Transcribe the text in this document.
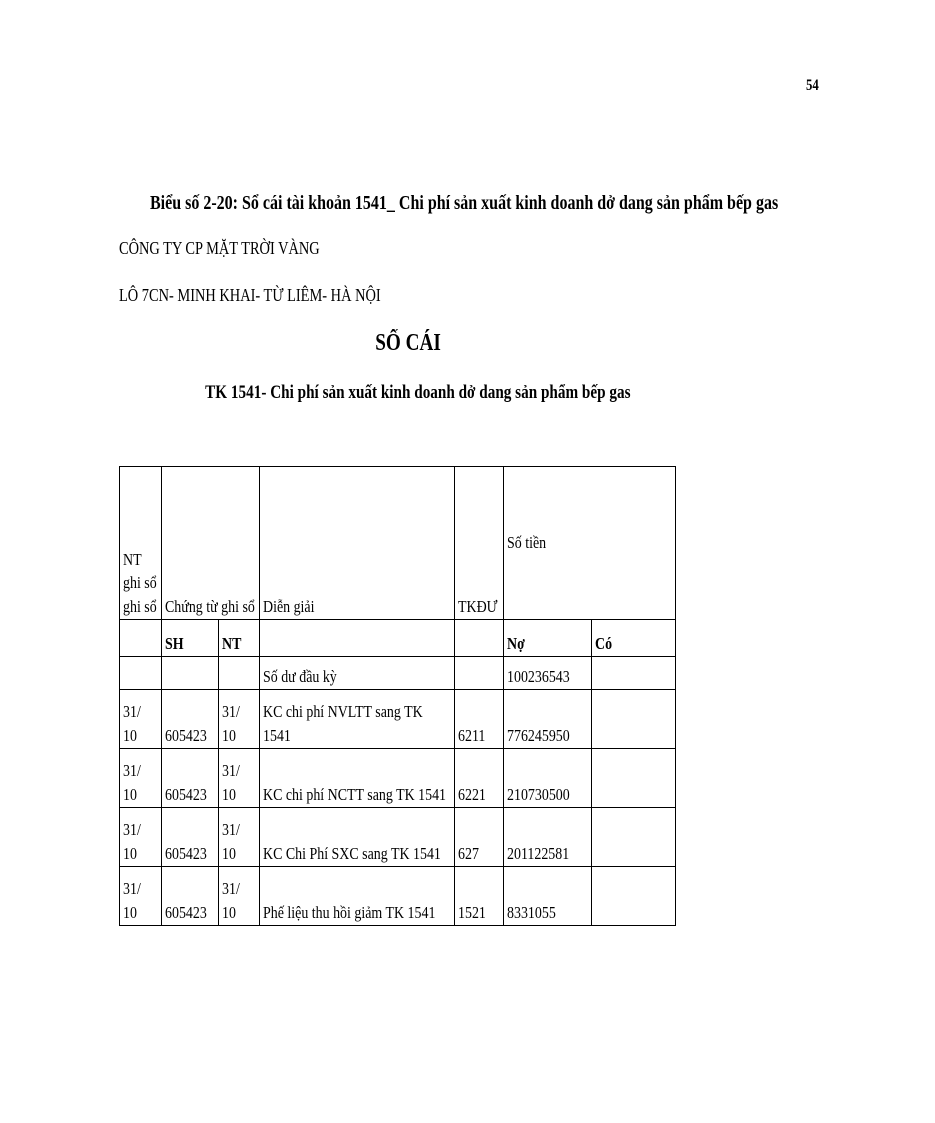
54
Biểu số 2-20: Sổ cái tài khoản 1541_ Chi phí sản xuất kinh doanh dở dang sản phẩm bếp gas
CÔNG TY CP MẶT TRỜI VÀNG
LÔ 7CN- MINH KHAI- TỪ LIÊM- HÀ NỘI
SỔ CÁI
TK 1541- Chi phí sản xuất kinh doanh dở dang sản phẩm bếp gas
NT ghi sổ ghi sổ	Chứng từ ghi sổ		Diễn giải	TKĐƯ	Số tiền	
	SH	NT			Nợ	Có
			Số dư đầu kỳ		100236543	

31/ 10	605423	31/ 10	KC chi phí NVLTT sang TK 1541	6211	776245950	

31/ 10	605423	31/ 10	KC chi phí NCTT sang TK 1541	6221	210730500	

31/ 10	605423	31/ 10	KC Chi Phí SXC sang TK 1541	627	201122581	

31/ 10	605423	31/ 10	Phế liệu thu hồi giảm TK 1541	1521	8331055	
